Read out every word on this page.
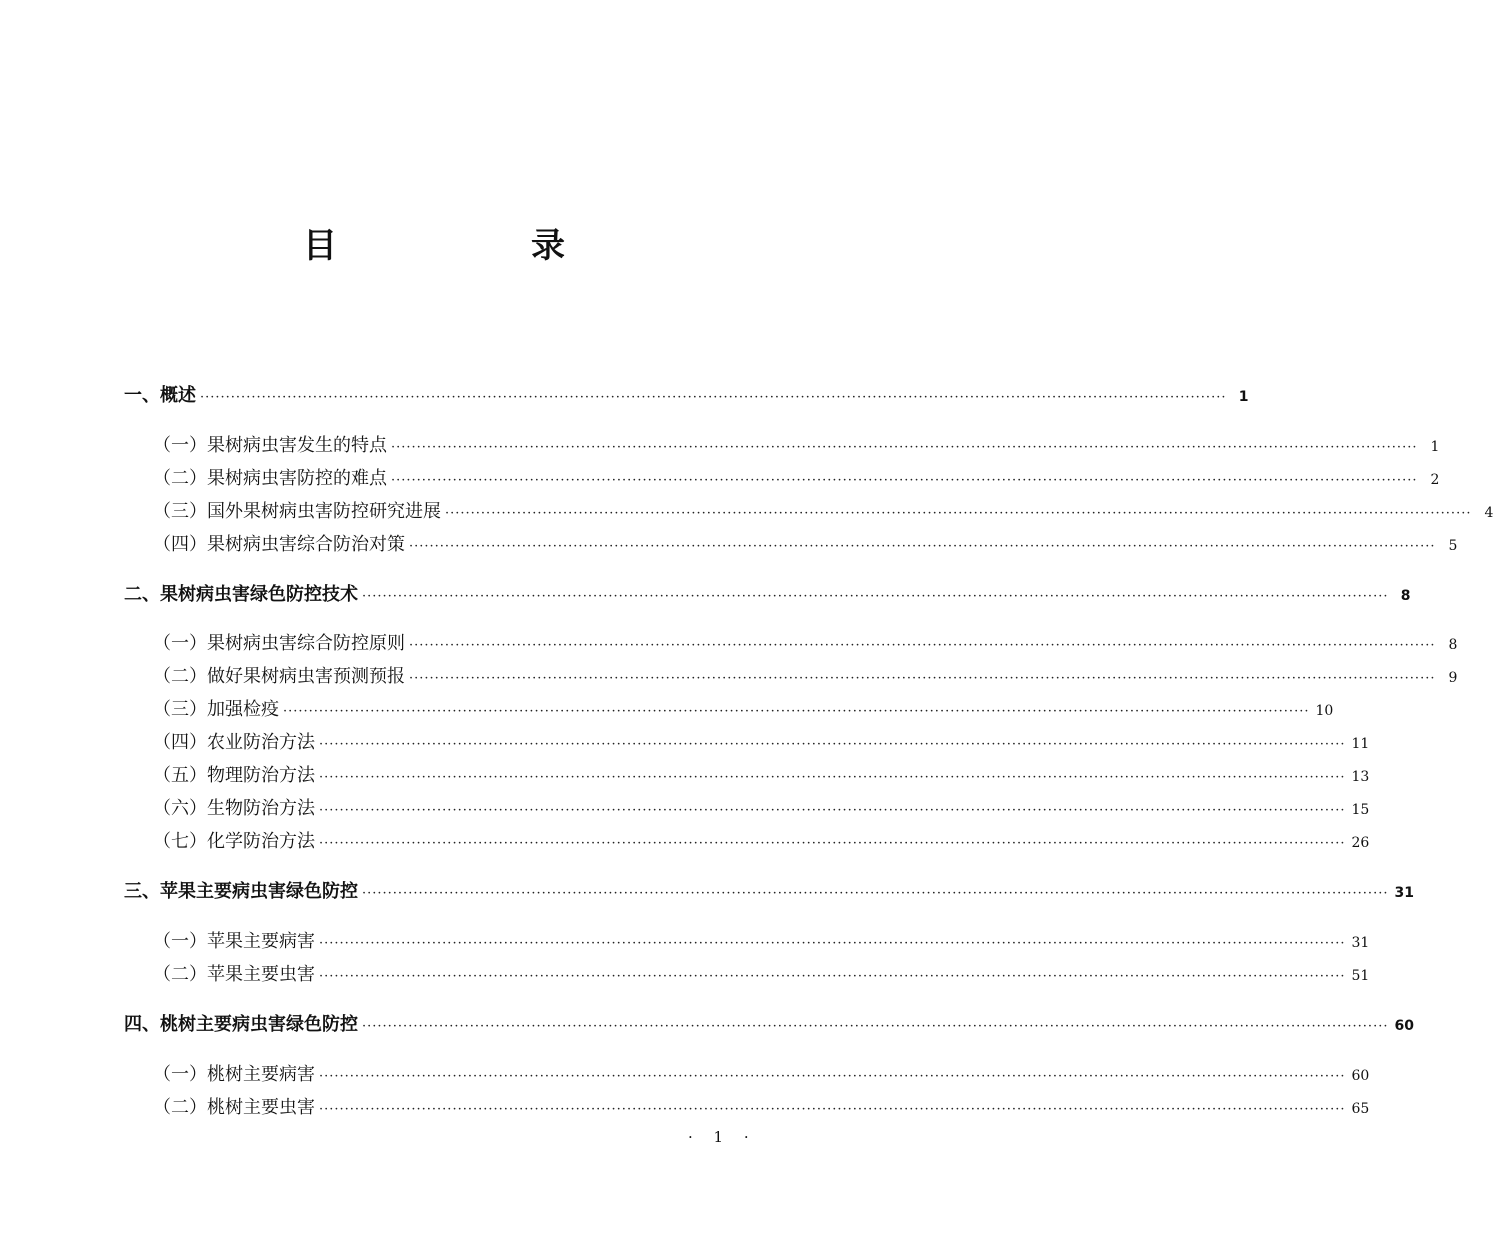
目　录
一、概述 ········································································································································································································ 1
（一）果树病虫害发生的特点 ········································································································································································································ 1
（二）果树病虫害防控的难点 ········································································································································································································ 2
（三）国外果树病虫害防控研究进展 ········································································································································································································ 4
（四）果树病虫害综合防治对策 ········································································································································································································ 5
二、果树病虫害绿色防控技术 ········································································································································································································ 8
（一）果树病虫害综合防控原则 ········································································································································································································ 8
（二）做好果树病虫害预测预报 ········································································································································································································ 9
（三）加强检疫 ········································································································································································································ 10
（四）农业防治方法 ········································································································································································································ 11
（五）物理防治方法 ········································································································································································································ 13
（六）生物防治方法 ········································································································································································································ 15
（七）化学防治方法 ········································································································································································································ 26
三、苹果主要病虫害绿色防控 ········································································································································································································ 31
（一）苹果主要病害 ········································································································································································································ 31
（二）苹果主要虫害 ········································································································································································································ 51
四、桃树主要病虫害绿色防控 ········································································································································································································ 60
（一）桃树主要病害 ········································································································································································································ 60
（二）桃树主要虫害 ········································································································································································································ 65
· 1 ·
